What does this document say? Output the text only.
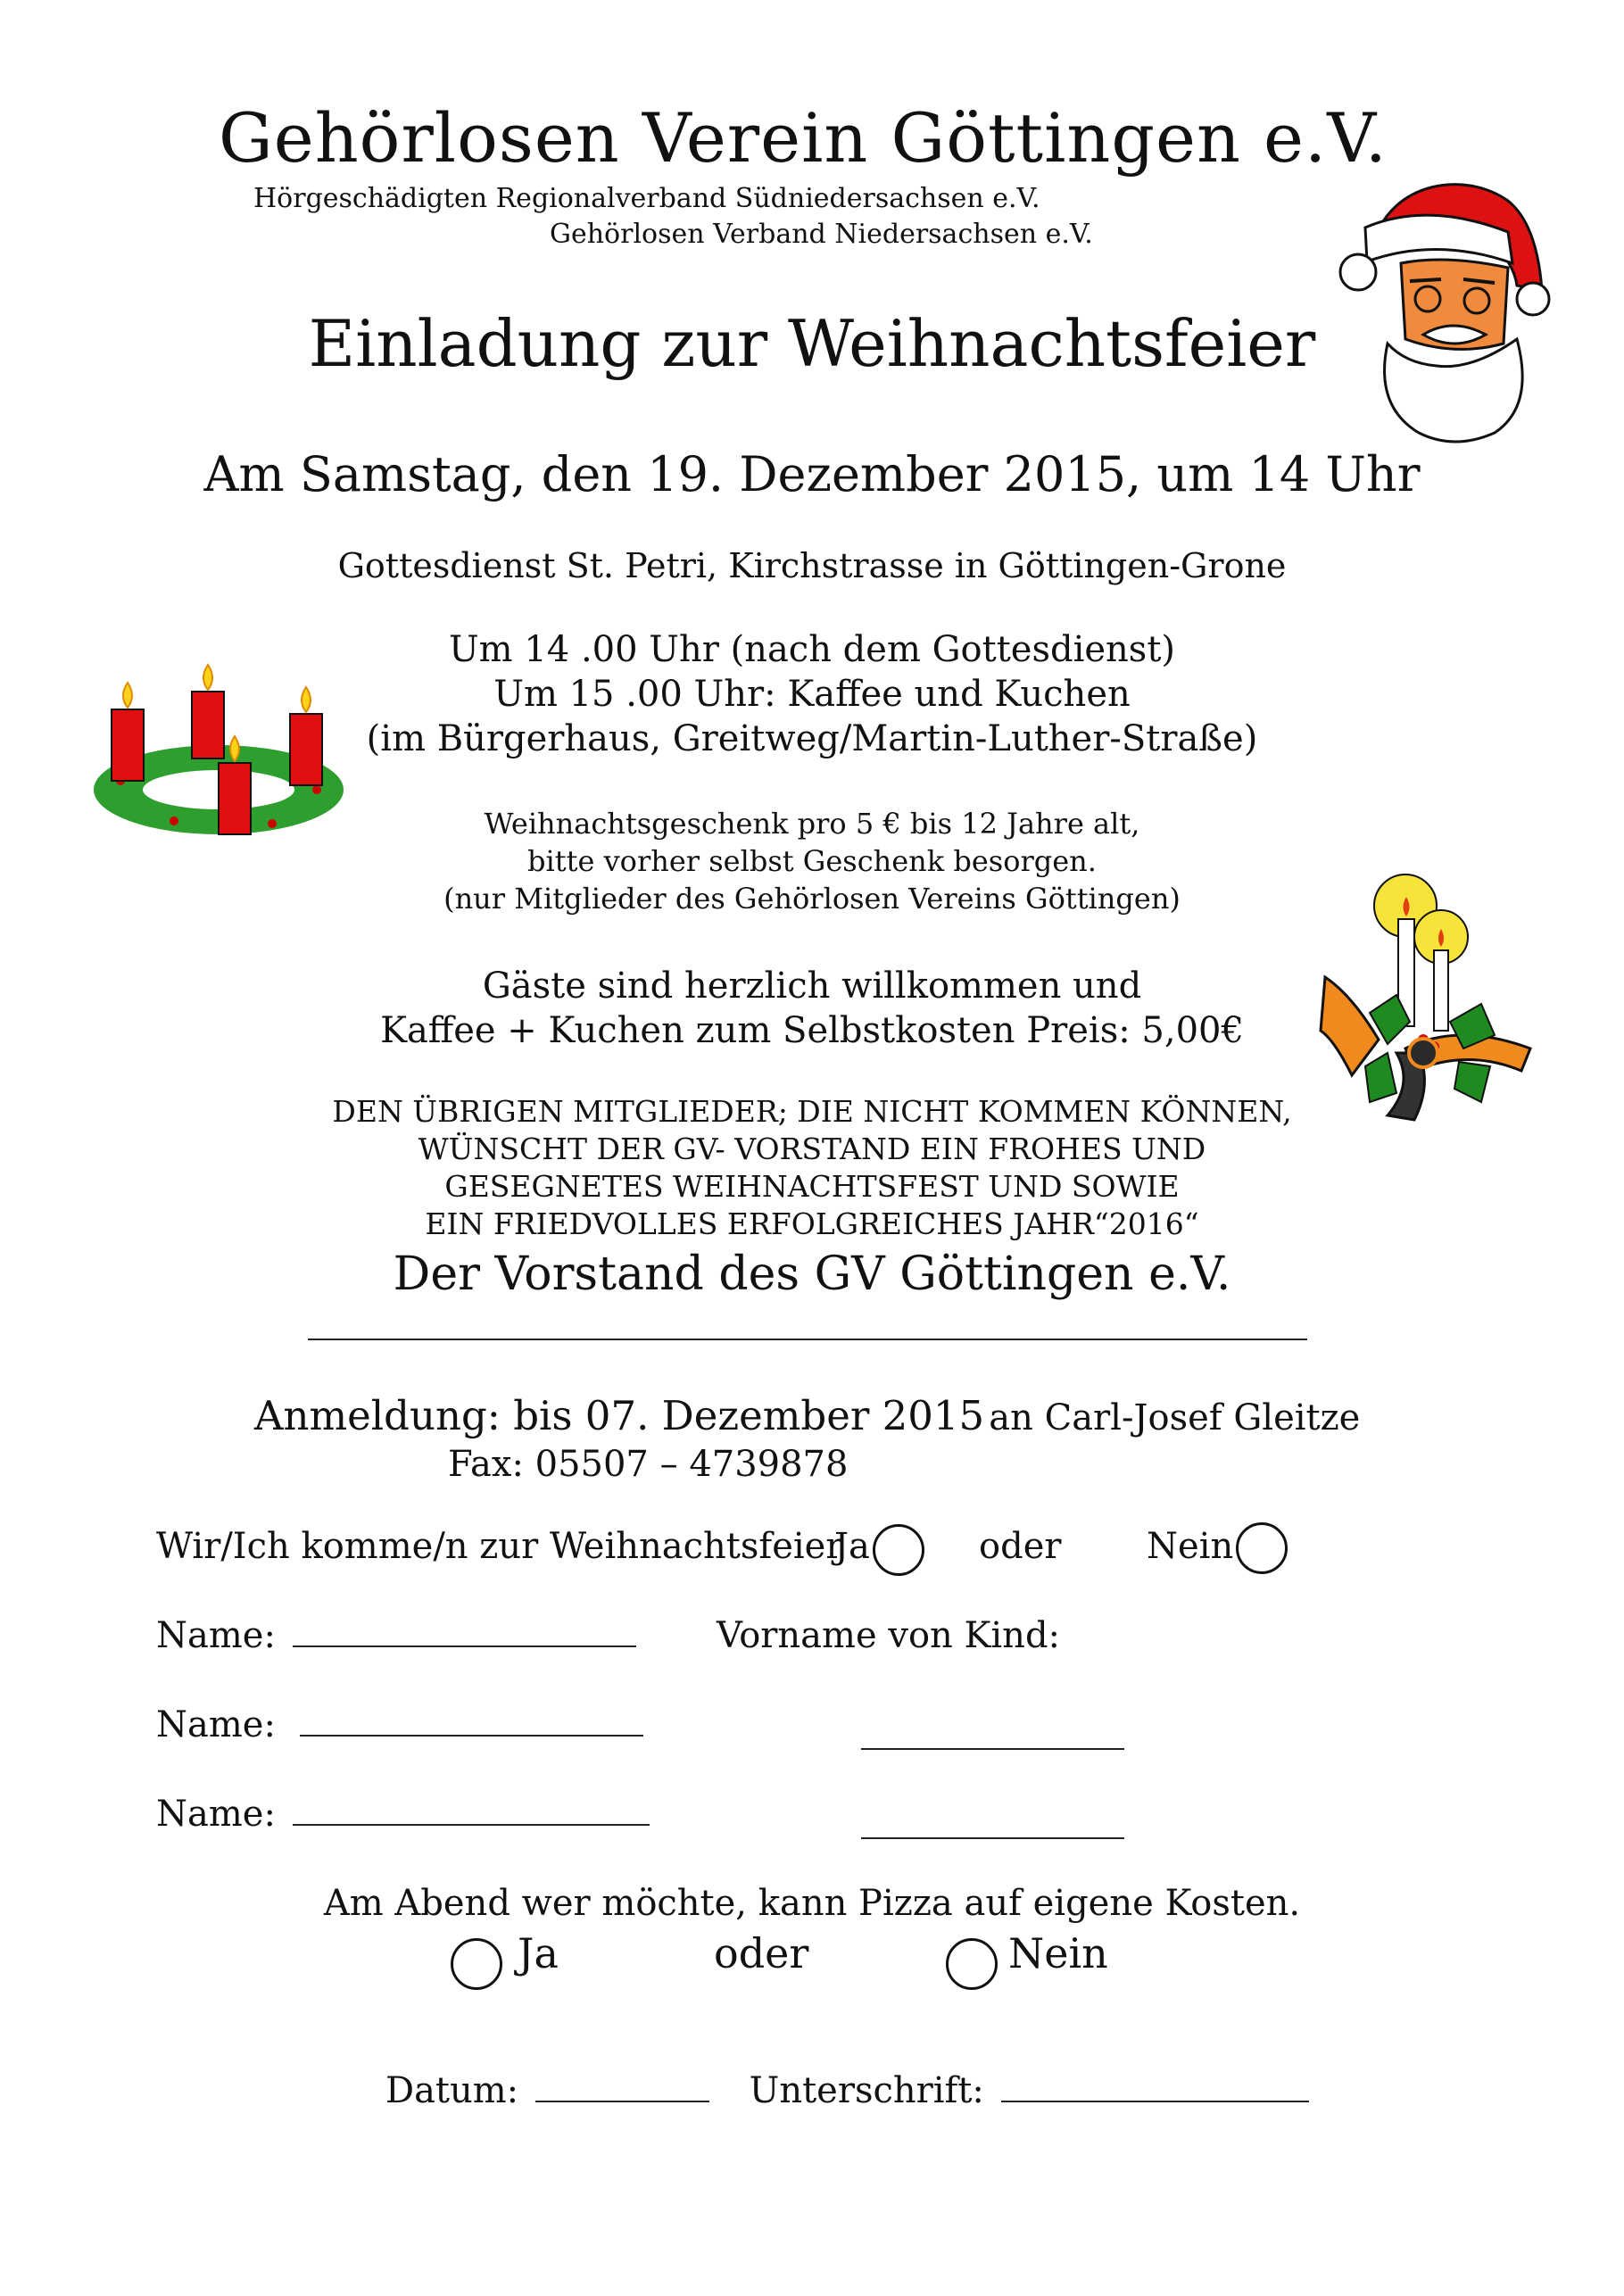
Gehörlosen Verein Göttingen e.V.
Hörgeschädigten Regionalverband Südniedersachsen e.V.
Gehörlosen Verband Niedersachsen e.V.
Einladung zur Weihnachtsfeier
Am Samstag, den 19. Dezember 2015, um 14 Uhr
Gottesdienst St. Petri, Kirchstrasse in Göttingen-Grone
Um 14 .00 Uhr (nach dem Gottesdienst)
Um 15 .00 Uhr: Kaffee und Kuchen
(im Bürgerhaus, Greitweg/Martin-Luther-Straße)
Weihnachtsgeschenk pro 5 € bis 12 Jahre alt,
bitte vorher selbst Geschenk besorgen.
(nur Mitglieder des Gehörlosen Vereins Göttingen)
Gäste sind herzlich willkommen und
Kaffee + Kuchen zum Selbstkosten Preis: 5,00€
DEN ÜBRIGEN MITGLIEDER; DIE NICHT KOMMEN KÖNNEN,
WÜNSCHT DER GV- VORSTAND EIN FROHES UND
GESEGNETES WEIHNACHTSFEST UND SOWIE
EIN FRIEDVOLLES ERFOLGREICHES JAHR“2016“
Der Vorstand des GV Göttingen e.V.
Anmeldung: bis 07. Dezember 2015 an Carl-Josef Gleitze
Fax: 05507 – 4739878
Wir/Ich komme/n zur Weihnachtsfeier
Ja	oder Nein
Name:	Vorname von Kind:
Name:
Name:
Am Abend wer möchte, kann Pizza auf eigene Kosten.
Ja	oder	Nein
Datum:	Unterschrift:
